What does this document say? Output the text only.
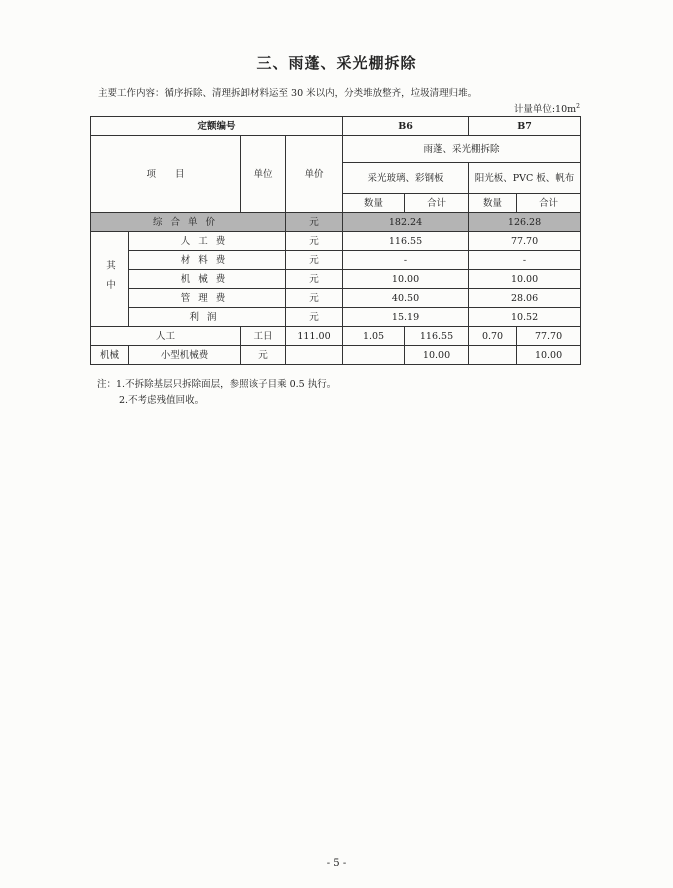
三、雨蓬、采光棚拆除
主要工作内容：循序拆除、清理拆卸材料运至 30 米以内，分类堆放整齐，垃圾清理归堆。
计量单位$:10m^2$
定额编号				B6		B7	
项　　目		单位	单价	雨蓬、采光棚拆除			
				采光玻璃、彩钢板		阳光板、PVC 板、帆布	
				数量	合计	数量	合计
综合单价			元	182.24		126.28	
其中	人工费		元	116.55		77.70	
	材料费		元	-		-	
	机械费		元	10.00		10.00	
	管理费		元	40.50		28.06	
	利润		元	15.19		10.52	
人工		工日	111.00	1.05	116.55	0.70	77.70
机械	小型机械费	元			10.00		10.00
注：1.不拆除基层只拆除面层，参照该子目乘 0.5 执行。
2.不考虑残值回收。
- 5 -
